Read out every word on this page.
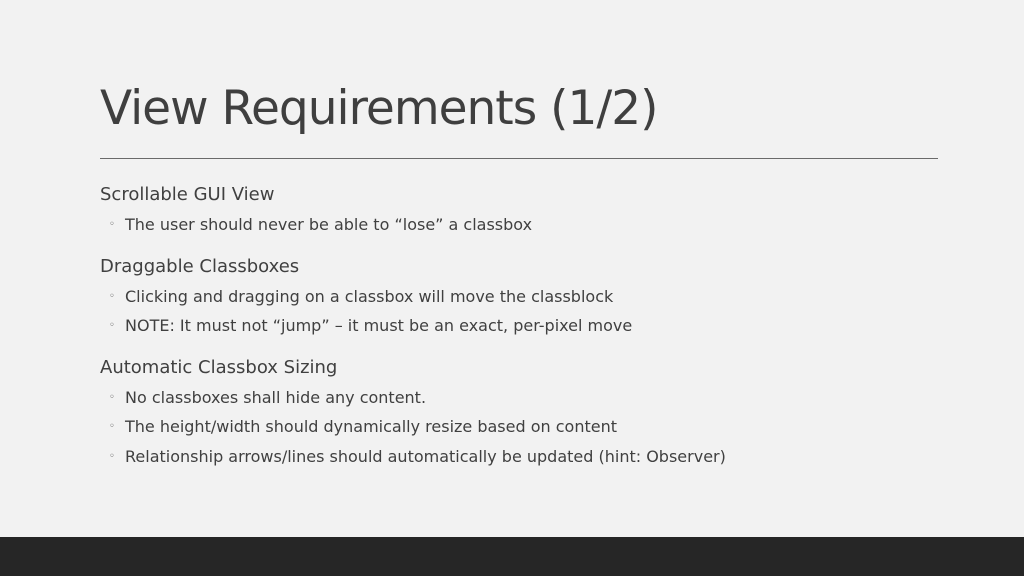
View Requirements (1/2)
Scrollable GUI View
◦ The user should never be able to “lose” a classbox
Draggable Classboxes
◦ Clicking and dragging on a classbox will move the classblock
◦ NOTE: It must not “jump” – it must be an exact, per-pixel move
Automatic Classbox Sizing
◦ No classboxes shall hide any content.
◦ The height/width should dynamically resize based on content
◦ Relationship arrows/lines should automatically be updated (hint: Observer)
